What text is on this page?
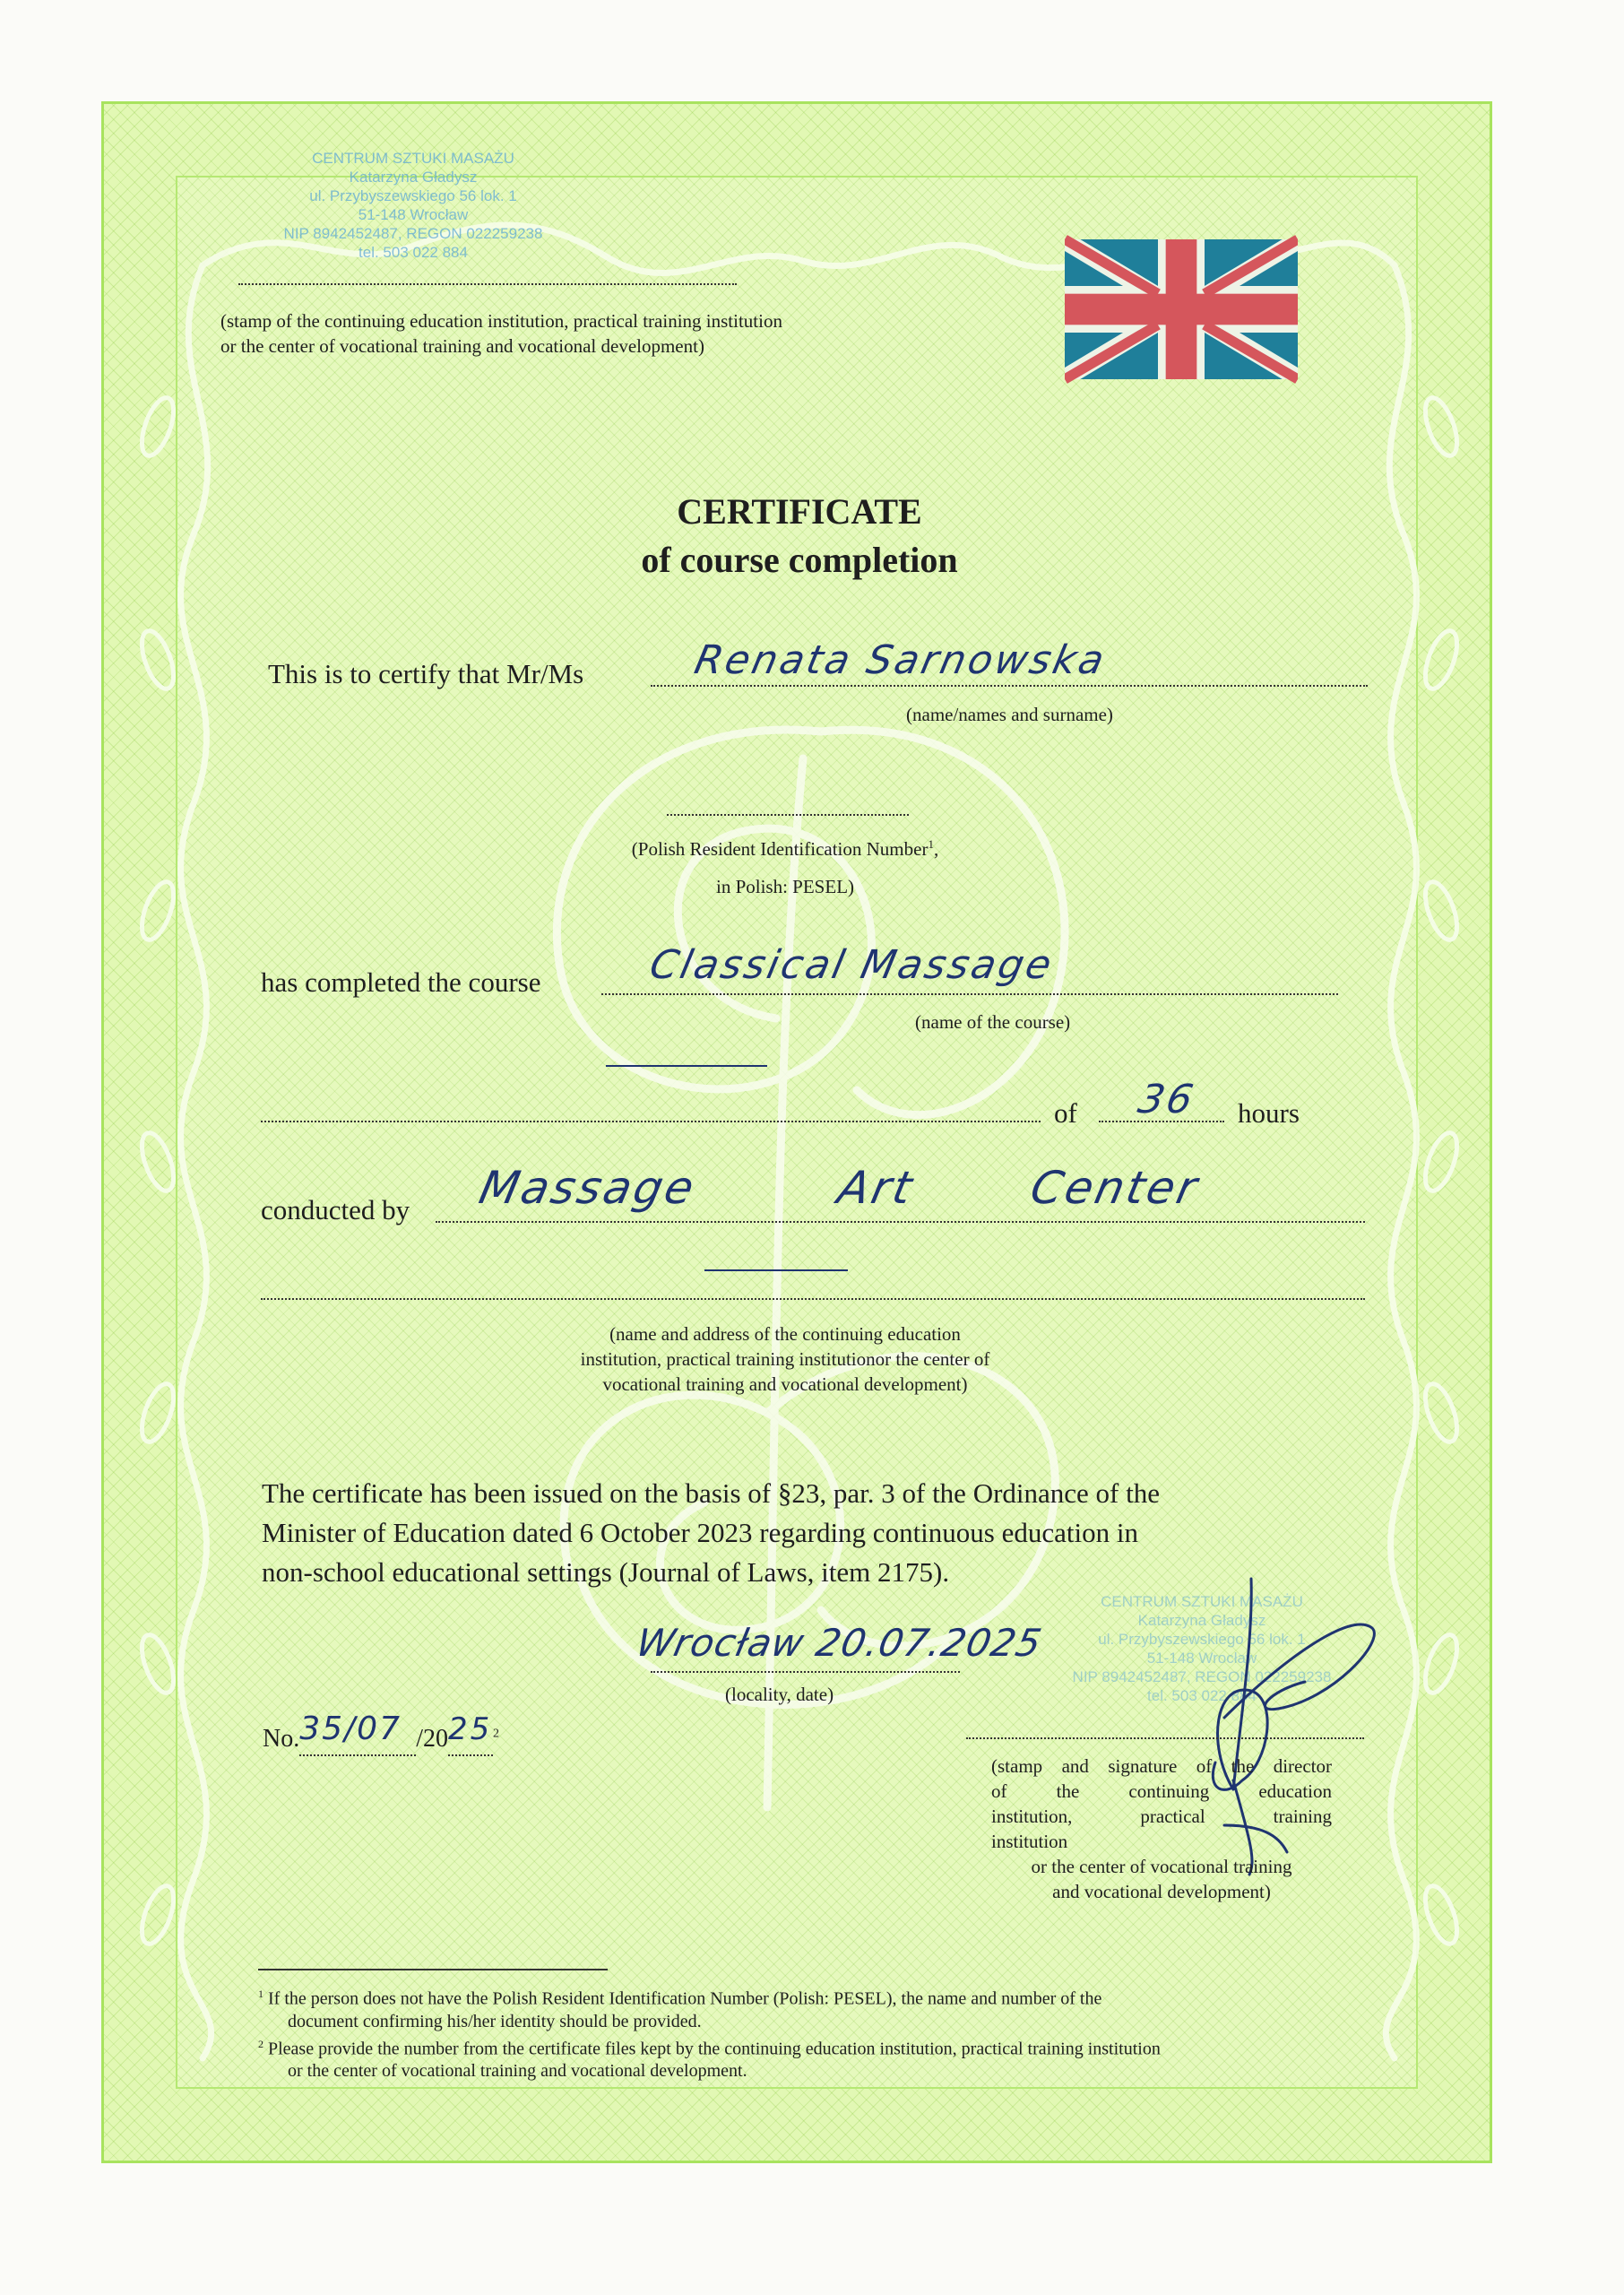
CENTRUM SZTUKI MASAŻU
Katarzyna Gładysz
ul. Przybyszewskiego 56 lok. 1
51-148 Wrocław
NIP 8942452487, REGON 022259238
tel. 503 022 884
(stamp of the continuing education institution, practical training institution
or the center of vocational training and vocational development)
CERTIFICATE
of course completion
This is to certify that Mr/Ms	Renata Sarnowska
(name/names and surname)
(Polish Resident Identification Number$^1$,
in Polish: PESEL)
has completed the course	Classical Massage
(name of the course)
of 36 hours
conducted by Massage	Art Center
(name and address of the continuing education
institution, practical training institutionor the center of
vocational training and vocational development)
The certificate has been issued on the basis of §23, par. 3 of the Ordinance of the
Minister of Education dated 6 October 2023 regarding continuous education in
non-school educational settings (Journal of Laws, item 2175).
Wrocław 20.07.2025
(locality, date)
No.35/07 /2025$^2$
CENTRUM SZTUKI MASAŻU
Katarzyna Gładysz
ul. Przybyszewskiego 56 lok. 1
51-148 Wrocław
NIP 8942452487, REGON 022259238
tel. 503 022 884
(stamp and signature of the director
of the continuing education
institution, practical training
institution
or the center of vocational training
and vocational development)
$^1$ If the person does not have the Polish Resident Identification Number (Polish: PESEL), the name and number of the
document confirming his/her identity should be provided.
$^2$ Please provide the number from the certificate files kept by the continuing education institution, practical training institution
or the center of vocational training and vocational development.
